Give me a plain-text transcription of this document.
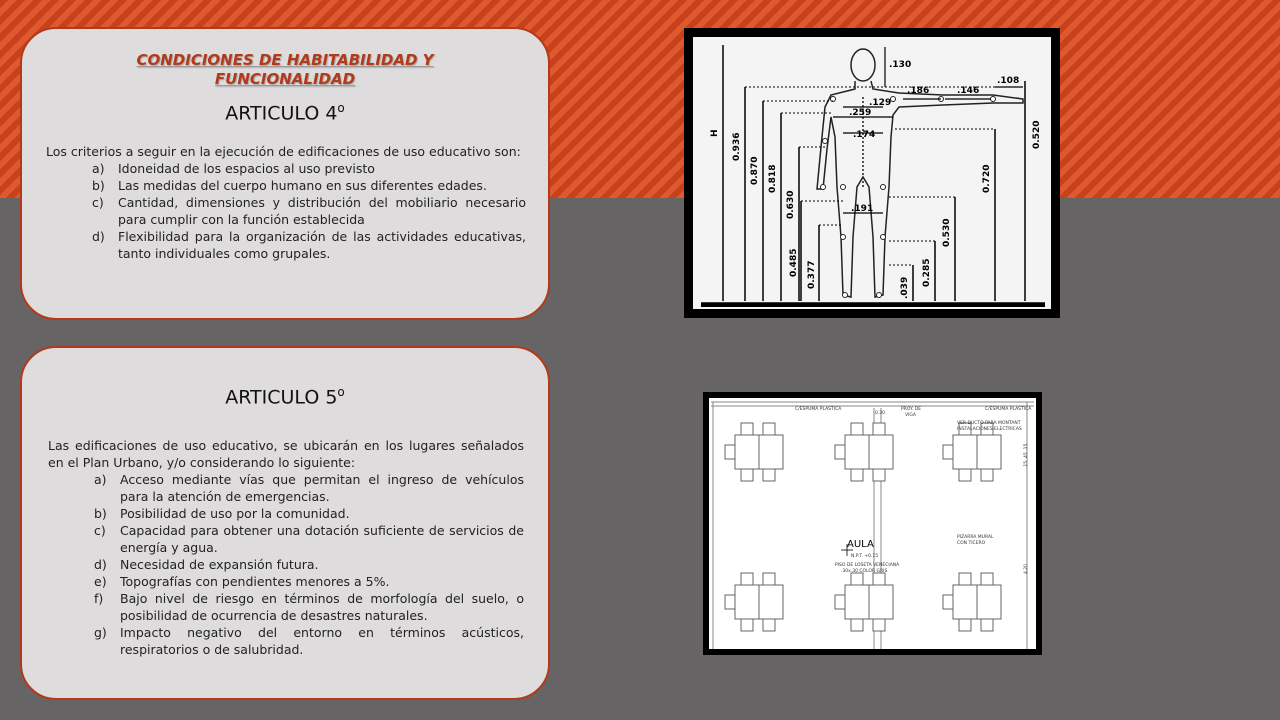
CONDICIONES DE HABITABILIDAD Y
FUNCIONALIDAD
ARTICULO 4$^o$

Los criterios a seguir en la ejecución de edificaciones de uso educativo son:

a)	Idoneidad de los espacios al uso previsto
b)	Las medidas del cuerpo humano en sus diferentes edades.
c)	Cantidad, dimensiones y distribución del mobiliario necesario para cumplir con la función establecida
d)	Flexibilidad para la organización de las actividades educativas, tanto individuales como grupales.
ARTICULO 5$^o$

Las edificaciones de uso educativo, se ubicarán en los lugares señalados en el Plan Urbano, y/o considerando lo siguiente:

a)	Acceso mediante vías que permitan el ingreso de vehículos para la atención de emergencias.
b)	Posibilidad de uso por la comunidad.
c)	Capacidad para obtener una dotación suficiente de servicios de energía y agua.
d)	Necesidad de expansión futura.
e)	Topografías con pendientes menores a 5%.
f)	Bajo nivel de riesgo en términos de morfología del suelo, o posibilidad de ocurrencia de desastres naturales.
g)	Impacto negativo del entorno en términos acústicos, respiratorios o de salubridad.
.130
.186	.146
.108
.129
.259
.174
.191
H 0.936
0.870 0.818
0.630
0.485 0.377
0.720
0.530
0.285
.039
0.520
C/ESPUMA PLASTICA
0.30
PROY. DE
VIGA
C/ESPUMA PLASTICA
VER DUCTO PARA MONTANT
INSTALACIONES ELECTRICAS
PIZARRA MURAL
CON TICERO
N.P.T. +0.15
PISO DE LOSETA VENECIANA
.30x.30 COLOR GRIS
.15 .45 .15
4.20
AULA
